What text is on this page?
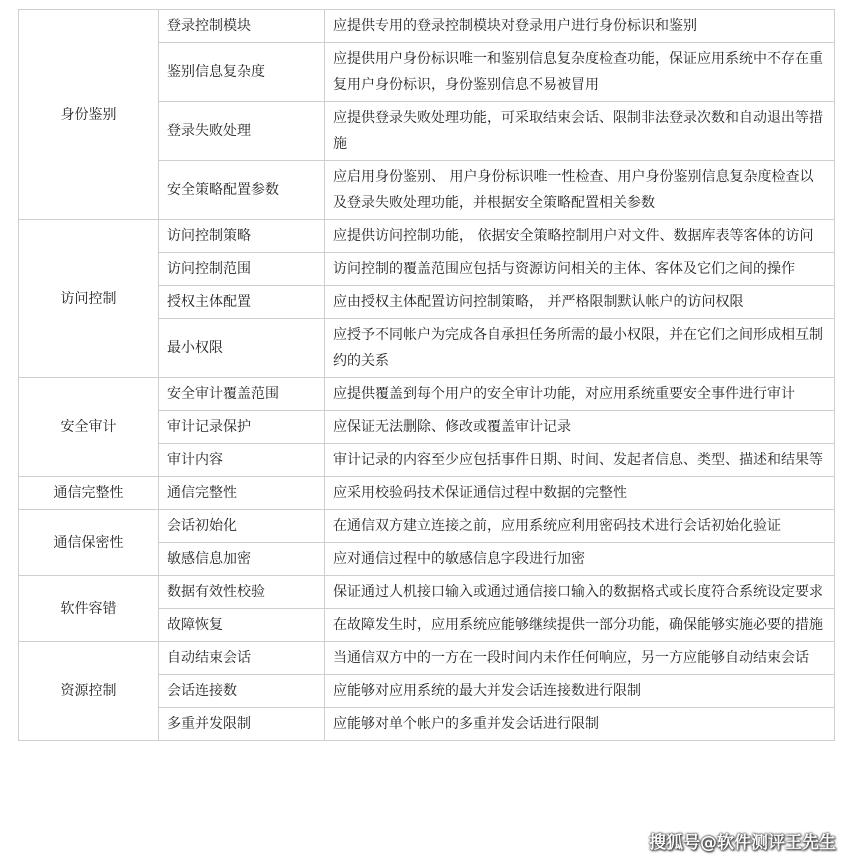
身份鉴别	登录控制模块	应提供专用的登录控制模块对登录用户进行身份标识和鉴别
	鉴别信息复杂度	应提供用户身份标识唯一和鉴别信息复杂度检查功能，保证应用系统中不存在重复用户身份标识，身份鉴别信息不易被冒用
	登录失败处理	应提供登录失败处理功能，可采取结束会话、限制非法登录次数和自动退出等措施
	安全策略配置参数	应启用身份鉴别、 用户身份标识唯一性检查、用户身份鉴别信息复杂度检查以及登录失败处理功能，并根据安全策略配置相关参数
访问控制	访问控制策略	应提供访问控制功能， 依据安全策略控制用户对文件、数据库表等客体的访问
	访问控制范围	访问控制的覆盖范围应包括与资源访问相关的主体、客体及它们之间的操作
	授权主体配置	应由授权主体配置访问控制策略， 并严格限制默认帐户的访问权限
	最小权限	应授予不同帐户为完成各自承担任务所需的最小权限，并在它们之间形成相互制约的关系
安全审计	安全审计覆盖范围	应提供覆盖到每个用户的安全审计功能，对应用系统重要安全事件进行审计
	审计记录保护	应保证无法删除、修改或覆盖审计记录
	审计内容	审计记录的内容至少应包括事件日期、时间、发起者信息、类型、描述和结果等
通信完整性	通信完整性	应采用校验码技术保证通信过程中数据的完整性
通信保密性	会话初始化	在通信双方建立连接之前，应用系统应利用密码技术进行会话初始化验证
	敏感信息加密	应对通信过程中的敏感信息字段进行加密
软件容错	数据有效性校验	保证通过人机接口输入或通过通信接口输入的数据格式或长度符合系统设定要求
	故障恢复	在故障发生时，应用系统应能够继续提供一部分功能，确保能够实施必要的措施
资源控制	自动结束会话	当通信双方中的一方在一段时间内未作任何响应，另一方应能够自动结束会话
	会话连接数	应能够对应用系统的最大并发会话连接数进行限制
	多重并发限制	应能够对单个帐户的多重并发会话进行限制
搜狐号@软件测评王先生
